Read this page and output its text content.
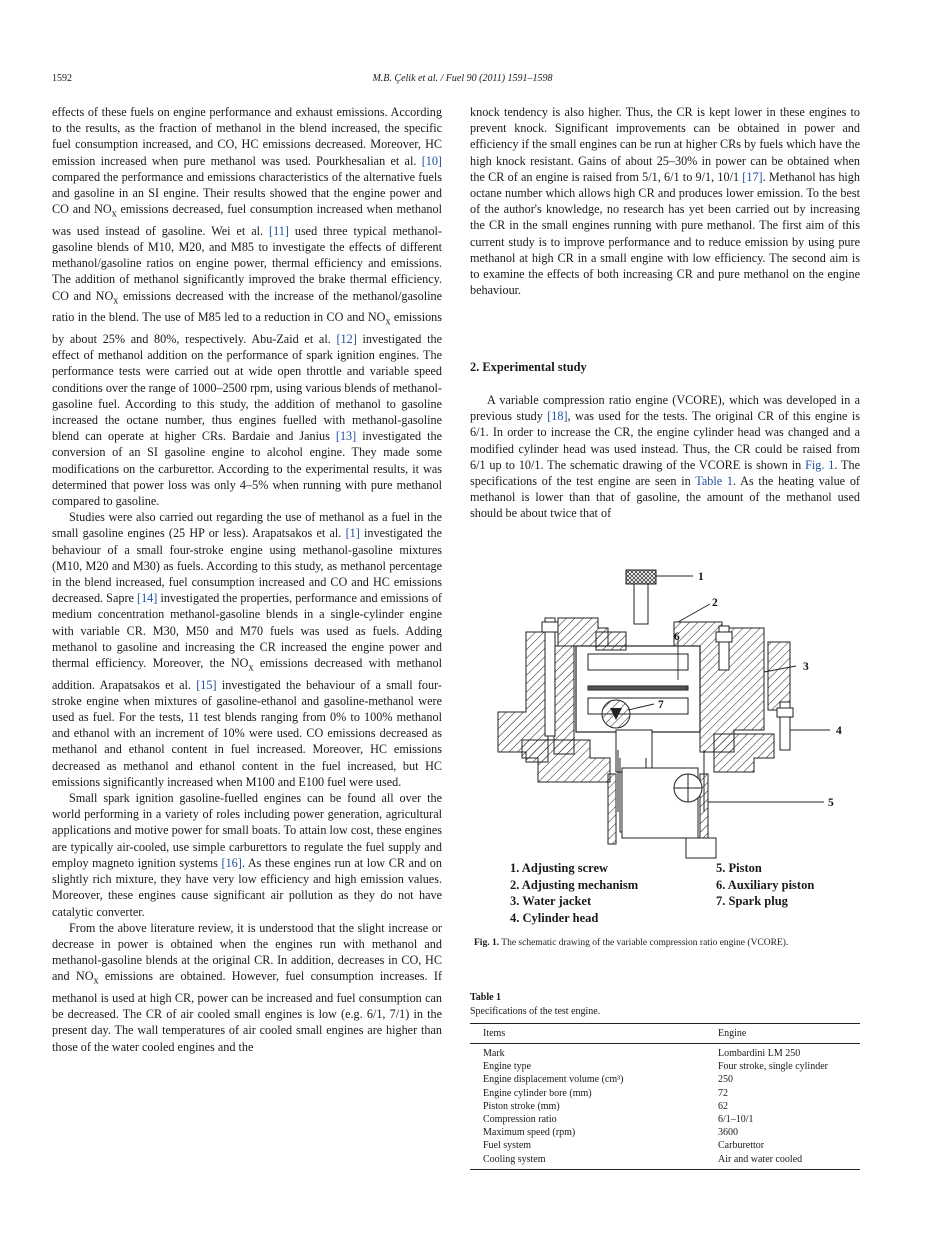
1592	M.B. Çelik et al. / Fuel 90 (2011) 1591–1598

effects of these fuels on engine performance and exhaust emissions. According to the results, as the fraction of methanol in the blend increased, the specific fuel consumption increased, and CO, HC emissions decreased. Moreover, HC emission increased when pure methanol was used. Pourkhesalian et al. [10] compared the performance and emissions characteristics of the alternative fuels and gasoline in an SI engine. Their results showed that the engine power and CO and $NO_x$ emissions decreased, fuel consumption increased when methanol was used instead of gasoline. Wei et al. [11] used three typical methanol-gasoline blends of M10, M20, and M85 to investigate the effects of different methanol/gasoline ratios on engine power, thermal efficiency and emissions. The addition of methanol significantly improved the brake thermal efficiency. CO and $NO_x$ emissions decreased with the increase of the methanol/gasoline ratio in the blend. The use of M85 led to a reduction in CO and $NO_x$ emissions by about 25% and 80%, respectively. Abu-Zaid et al. [12] investigated the effect of methanol addition on the performance of spark ignition engines. The performance tests were carried out at wide open throttle and variable speed conditions over the range of 1000–2500 rpm, using various blends of methanol-gasoline fuel. According to this study, the addition of methanol to gasoline increased the octane number, thus engines fuelled with methanol-gasoline blend can operate at higher CRs. Bardaie and Janius [13] investigated the conversion of an SI gasoline engine to alcohol engine. They made some modifications on the carburettor. According to the experimental results, it was determined that power loss was only 4–5% when running with pure methanol compared to gasoline.

Studies were also carried out regarding the use of methanol as a fuel in the small gasoline engines (25 HP or less). Arapatsakos et al. [1] investigated the behaviour of a small four-stroke engine using methanol-gasoline mixtures (M10, M20 and M30) as fuels. According to this study, as methanol percentage in the blend increased, fuel consumption increased and CO and HC emissions decreased. Sapre [14] investigated the properties, performance and emissions of medium concentration methanol-gasoline blends in a single-cylinder engine with variable CR. M30, M50 and M70 fuels was used as fuels. Adding methanol to gasoline and increasing the CR increased the engine power and thermal efficiency. Moreover, the $NO_x$ emissions decreased with methanol addition. Arapatsakos et al. [15] investigated the behaviour of a small four-stroke engine when mixtures of gasoline-ethanol and gasoline-methanol were used as fuel. For the tests, 11 test blends ranging from 0% to 100% methanol and ethanol with an increment of 10% were used. CO emissions decreased as methanol and ethanol content in fuel increased. Moreover, HC emissions decreased as methanol and ethanol content in the fuel increased, but HC emissions significantly increased when M100 and E100 fuel were used.

Small spark ignition gasoline-fuelled engines can be found all over the world performing in a variety of roles including power generation, agricultural applications and motive power for small boats. To attain low cost, these engines are typically air-cooled, use simple carburettors to regulate the fuel supply and employ magneto ignition systems [16]. As these engines run at low CR and on slightly rich mixture, they have very low efficiency and high emission values. Moreover, these engines cause significant air pollution as they do not have catalytic converter.

From the above literature review, it is understood that the slight increase or decrease in power is obtained when the engines run with methanol and methanol-gasoline blends at the original CR. In addition, decreases in CO, HC and $NO_x$ emissions are obtained. However, fuel consumption increases. If methanol is used at high CR, power can be increased and fuel consumption can be decreased. The CR of air cooled small engines is low (e.g. 6/1, 7/1) in the present day. The wall temperatures of air cooled small engines are higher than those of the water cooled engines and the

knock tendency is also higher. Thus, the CR is kept lower in these engines to prevent knock. Significant improvements can be obtained in power and efficiency if the small engines can be run at higher CRs by fuels which have the high knock resistant. Gains of about 25–30% in power can be obtained when the CR of an engine is raised from 5/1, 6/1 to 9/1, 10/1 [17]. Methanol has high octane number which allows high CR and produces lower emission. To the best of the author's knowledge, no research has yet been carried out by increasing the CR in the small engines running with pure methanol. The first aim of this current study is to improve performance and to reduce emission by using pure methanol at high CR in a small engine with low efficiency. The second aim is to examine the effects of both increasing CR and pure methanol on the engine behaviour.

2. Experimental study

A variable compression ratio engine (VCORE), which was developed in a previous study [18], was used for the tests. The original CR of this engine is 6/1. In order to increase the CR, the engine cylinder head was changed and a modified cylinder head was used instead. Thus, the CR could be raised from 6/1 up to 10/1. The schematic drawing of the VCORE is shown in Fig. 1. The specifications of the test engine are seen in Table 1. As the heating value of methanol is lower than that of gasoline, the amount of the methanol used should be about twice that of

1
2
3
4
5
6
7
1. Adjusting screw
2. Adjusting mechanism
3. Water jacket
4. Cylinder head
5. Piston
6. Auxiliary piston
7. Spark plug
Fig. 1. The schematic drawing of the variable compression ratio engine (VCORE).
Table 1
Specifications of the test engine.
Items	Engine
Mark	Lombardini LM 250
Engine type	Four stroke, single cylinder
Engine displacement volume (cm³)	250
Engine cylinder bore (mm)	72
Piston stroke (mm)	62
Compression ratio	6/1–10/1
Maximum speed (rpm)	3600
Fuel system	Carburettor
Cooling system	Air and water cooled
